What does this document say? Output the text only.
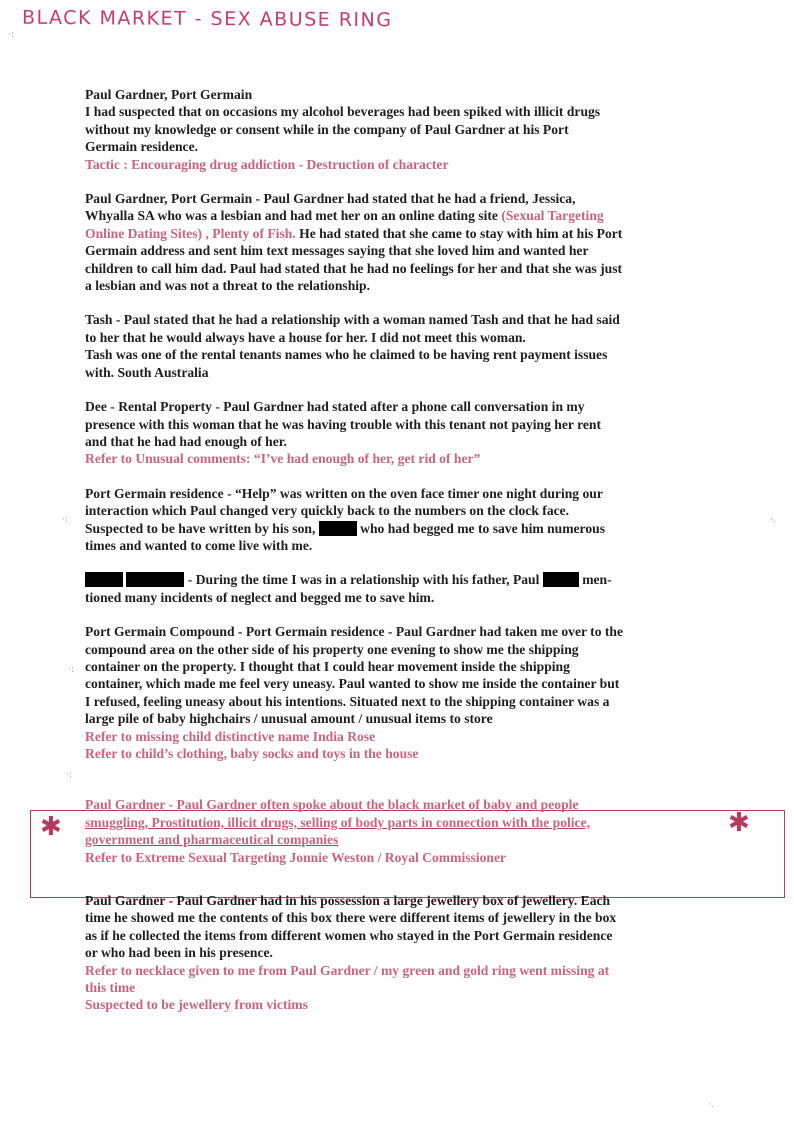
BLACK MARKET - SEX ABUSE RING
✱	✱
·:
·:
·:
·:
·.
·.
Paul Gardner, Port Germain
I had suspected that on occasions my alcohol beverages had been spiked with illicit drugs
without my knowledge or consent while in the company of Paul Gardner at his Port
Germain residence.
Tactic : Encouraging drug addiction - Destruction of character
Paul Gardner, Port Germain - Paul Gardner had stated that he had a friend, Jessica,
Whyalla SA who was a lesbian and had met her on an online dating site (Sexual Targeting
Online Dating Sites) , Plenty of Fish. He had stated that she came to stay with him at his Port
Germain address and sent him text messages saying that she loved him and wanted her
children to call him dad. Paul had stated that he had no feelings for her and that she was just
a lesbian and was not a threat to the relationship.
Tash - Paul stated that he had a relationship with a woman named Tash and that he had said
to her that he would always have a house for her. I did not meet this woman.
Tash was one of the rental tenants names who he claimed to be having rent payment issues
with. South Australia
Dee - Rental Property - Paul Gardner had stated after a phone call conversation in my
presence with this woman that he was having trouble with this tenant not paying her rent
and that he had had enough of her.
Refer to Unusual comments: “I’ve had enough of her, get rid of her”
Port Germain residence - “Help” was written on the oven face timer one night during our
interaction which Paul changed very quickly back to the numbers on the clock face.
Suspected to be have written by his son,	who had begged me to save him numerous
times and wanted to come live with me.
- During the time I was in a relationship with his father, Paul	men-
tioned many incidents of neglect and begged me to save him.
Port Germain Compound - Port Germain residence - Paul Gardner had taken me over to the
compound area on the other side of his property one evening to show me the shipping
container on the property. I thought that I could hear movement inside the shipping
container, which made me feel very uneasy. Paul wanted to show me inside the container but
I refused, feeling uneasy about his intentions. Situated next to the shipping container was a
large pile of baby highchairs / unusual amount / unusual items to store
Refer to missing child distinctive name India Rose
Refer to child’s clothing, baby socks and toys in the house
Paul Gardner - Paul Gardner often spoke about the black market of baby and people
smuggling, Prostitution, illicit drugs, selling of body parts in connection with the police,
government and pharmaceutical companies
Refer to Extreme Sexual Targeting Jonnie Weston / Royal Commissioner
Paul Gardner - Paul Gardner had in his possession a large jewellery box of jewellery. Each
time he showed me the contents of this box there were different items of jewellery in the box
as if he collected the items from different women who stayed in the Port Germain residence
or who had been in his presence.
Refer to necklace given to me from Paul Gardner / my green and gold ring went missing at
this time
Suspected to be jewellery from victims
